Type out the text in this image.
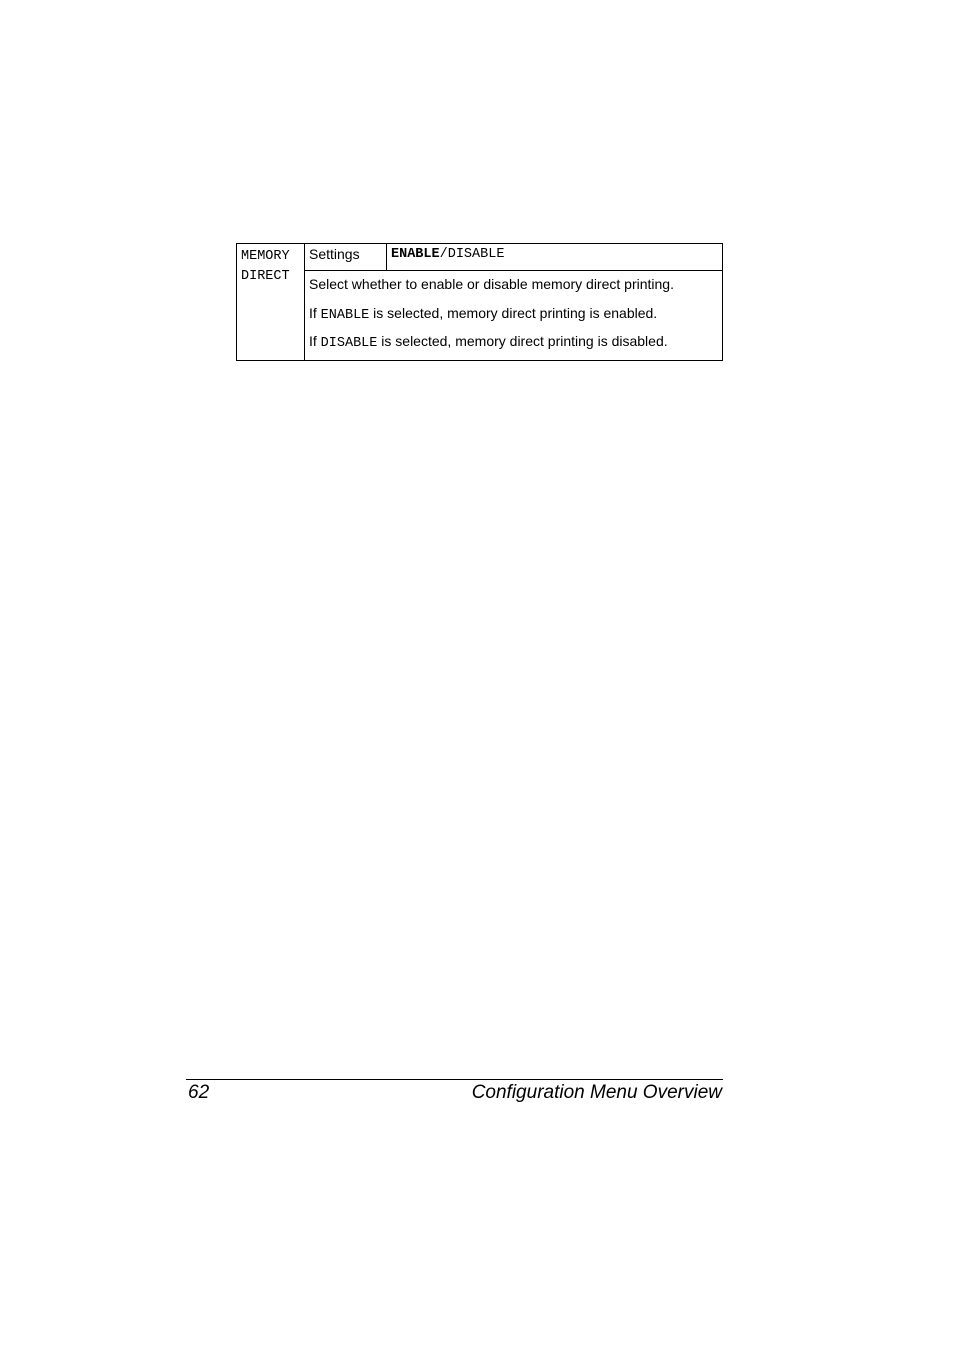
MEMORY
DIRECT
	Settings	ENABLE/DISABLE

Select whether to enable or disable memory direct printing.
If ENABLE is selected, memory direct printing is enabled.
If DISABLE is selected, memory direct printing is disabled.
62	Configuration Menu Overview
